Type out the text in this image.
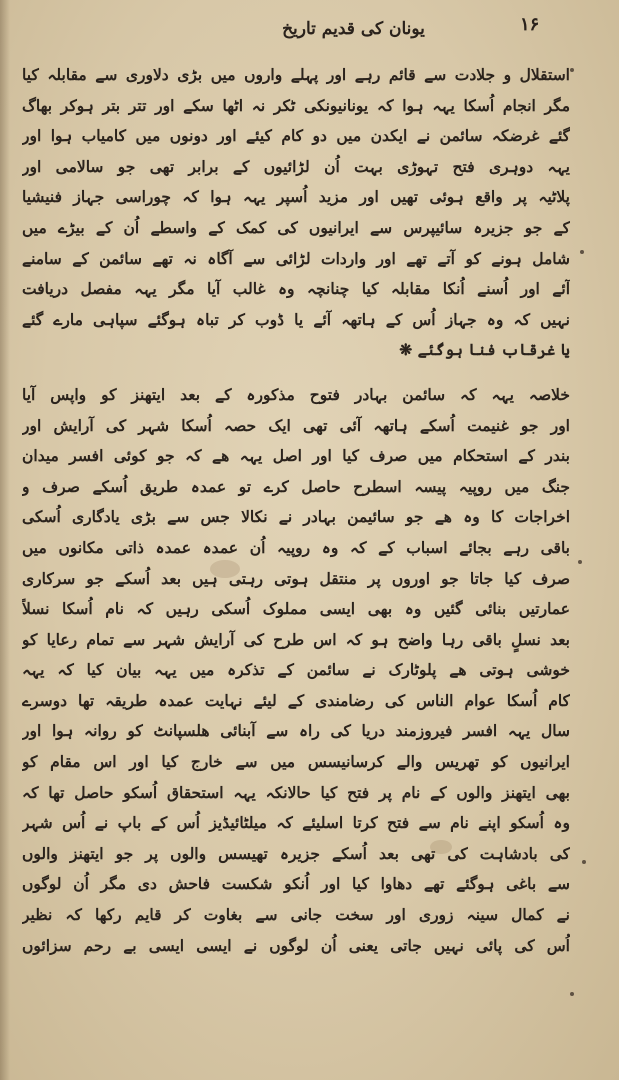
یونان کی قدیم تاریخ	۱۶
استقلال و جلادت سے قائم رہے اور پہلے واروں میں بڑی دلاوری سے مقابلہ کیا
مگر انجام اُسکا یہہ ہوا کہ یونانیونکی ٹکر نہ اٹھا سکے اور تتر بتر ہوکر بھاگ
گئے غرضکہ سائمن نے ایکدن میں دو کام کیئے اور دونوں میں کامیاب ہوا اور
یہہ دوہری فتح تہوڑی بہت اُن لڑائیوں کے برابر تھی جو سالامی اور
پلاٹیہ پر واقع ہوئی تھیں اور مزید اُسپر یہہ ہوا کہ چوراسی جہاز فنیشیا
کے جو جزیرہ سائیپرس سے ایرانیوں کی کمک کے واسطے اُن کے بیڑے میں
شامل ہونے کو آتے تھے اور واردات لڑائی سے آگاہ نہ تھے سائمن کے سامنے
آئے اور اُسنے اُنکا مقابلہ کیا چنانچہ وہ غالب آیا مگر یہہ مفصل دریافت
نہیں کہ وہ جہاز اُس کے ہاتھہ آئے یا ڈوب کر تباہ ہوگئے سپاہی مارے گئے
یا غرقاب فنا ہوگئے ❋
خلاصہ یہہ کہ سائمن بہادر فتوح مذکورہ کے بعد ایتھنز کو واپس آیا
اور جو غنیمت اُسکے ہاتھہ آئی تھی ایک حصہ اُسکا شہر کی آرایش اور
بندر کے استحکام میں صرف کیا اور اصل یہہ ھے کہ جو کوئی افسر میدان
جنگ میں روپیہ پیسہ اسطرح حاصل کرے تو عمدہ طریق اُسکے صرف و
اخراجات کا وہ ھے جو سائیمن بہادر نے نکالا جس سے بڑی یادگاری اُسکی
باقی رہے بجائے اسباب کے کہ وہ روپیہ اُن عمدہ عمدہ ذاتی مکانوں میں
صرف کیا جاتا جو اوروں پر منتقل ہوتی رہتی ہیں بعد اُسکے جو سرکاری
عمارتیں بنائی گئیں وہ بھی ایسی مملوک اُسکی رہیں کہ نام اُسکا نسلاً
بعد نسلٍ باقی رہا واضح ہو کہ اس طرح کی آرایش شہر سے تمام رعایا کو
خوشی ہوتی ھے پلوٹارک نے سائمن کے تذکرہ میں یہہ بیان کیا کہ یہہ
کام اُسکا عوام الناس کی رضامندی کے لیئے نہایت عمدہ طریقہ تھا دوسرے
سال یہہ افسر فیروزمند دریا کی راہ سے آبنائی ھلسپانٹ کو روانہ ہوا اور
ایرانیوں کو تھریس والے کرسانیسس میں سے خارج کیا اور اس مقام کو
بھی ایتھنز والوں کے نام پر فتح کیا حالانکہ یہہ استحقاق اُسکو حاصل تھا کہ
وہ اُسکو اپنے نام سے فتح کرتا اسلیئے کہ میلٹائیڈیز اُس کے باپ نے اُس شہر
کی بادشاہت کی تھی بعد اُسکے جزیرہ تھیسس والوں پر جو ایتھنز والوں
سے باغی ہوگئے تھے دھاوا کیا اور اُنکو شکست فاحش دی مگر اُن لوگوں
نے کمال سینہ زوری اور سخت جانی سے بغاوت کر قایم رکھا کہ نظیر
اُس کی پائی نہیں جاتی یعنی اُن لوگوں نے ایسی ایسی بے رحم سزائوں
